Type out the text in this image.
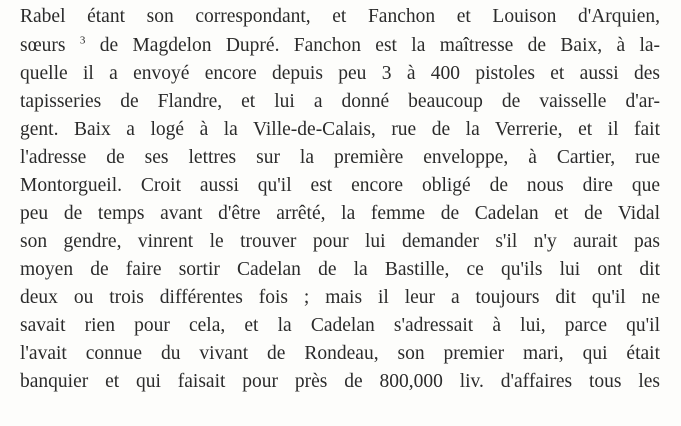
Rabel étant son correspondant, et Fanchon et Louison d'Arquien,
sœurs $^3$ de Magdelon Dupré. Fanchon est la maîtresse de Baix, à la-
quelle il a envoyé encore depuis peu 3 à 400 pistoles et aussi des
tapisseries de Flandre, et lui a donné beaucoup de vaisselle d'ar-
gent. Baix a logé à la Ville-de-Calais, rue de la Verrerie, et il fait
l'adresse de ses lettres sur la première enveloppe, à Cartier, rue
Montorgueil. Croit aussi qu'il est encore obligé de nous dire que
peu de temps avant d'être arrêté, la femme de Cadelan et de Vidal
son gendre, vinrent le trouver pour lui demander s'il n'y aurait pas
moyen de faire sortir Cadelan de la Bastille, ce qu'ils lui ont dit
deux ou trois différentes fois ; mais il leur a toujours dit qu'il ne
savait rien pour cela, et la Cadelan s'adressait à lui, parce qu'il
l'avait connue du vivant de Rondeau, son premier mari, qui était
banquier et qui faisait pour près de 800,000 liv. d'affaires tous les
